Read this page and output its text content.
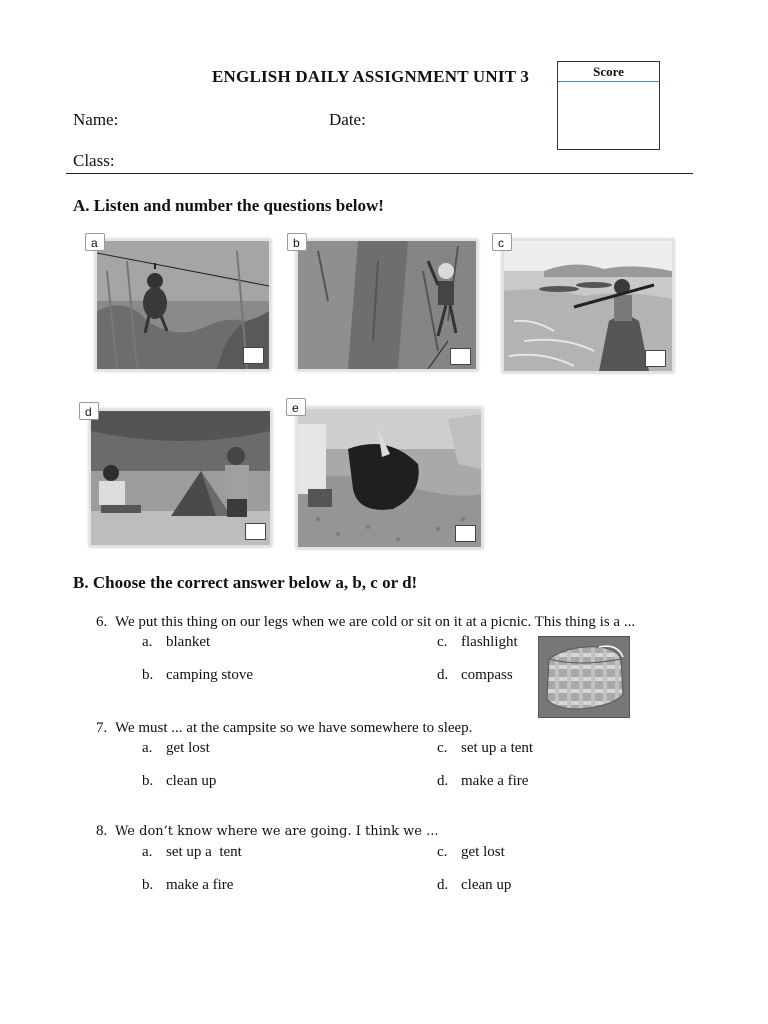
ENGLISH DAILY ASSIGNMENT UNIT 3	Score
Name:	Date:
Class:
A. Listen and number the questions below!
a	b	c
d	e
B. Choose the correct answer below a, b, c or d!
6. We put this thing on our legs when we are cold or sit on it at a picnic. This thing is a ...
a. blanket
b. camping stove
c. flashlight
d. compass
7. We must ... at the campsite so we have somewhere to sleep.
a. get lost
b. clean up
c. set up a tent
d. make a fire
8. We don’t know where we are going. I think we ...
a. set up a  tent
b. make a fire
c. get lost
d. clean up
